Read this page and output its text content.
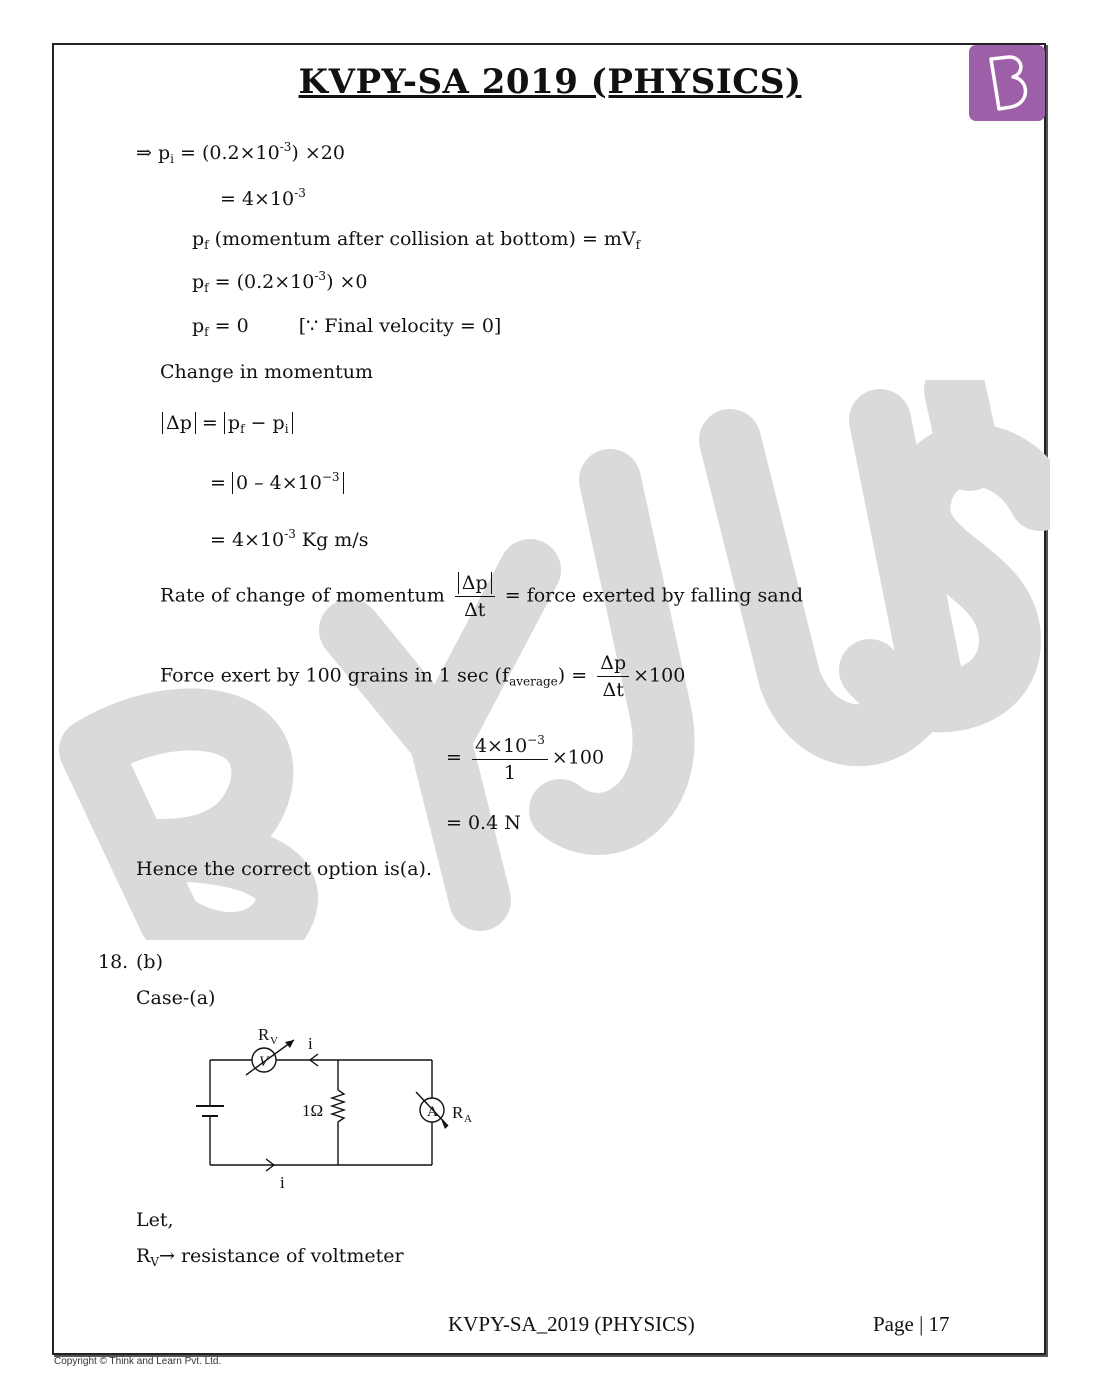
KVPY-SA 2019 (PHYSICS)
⇒ $p_i = (0.2\times 10^{-3}) \times 20$
= $4\times 10^{-3}$
$p_f$ (momentum after collision at bottom) = $mV_f$
$p_f = (0.2\times 10^{-3}) \times 0$
$p_f = 0$	[∵ Final velocity = 0]
Change in momentum
$\Delta p = p_f - p_i$
= $0 - 4\times 10^{-3}$
= $4\times 10^{-3}$ Kg m/s
Rate of change of momentum $\frac{\Delta p}{\Delta t}$ = force exerted by falling sand
Force exert by 100 grains in 1 $\sec (f_{average}) = \frac{\Delta p}{\Delta t} \times 100$
= $\frac{4\times 10^{-3}}{1} \times 100$
= 0.4 N
Hence the correct option is(a).
18. (b)
Case-(a)
V
A
R V
R A
1Ω
i
i
Let,
$R_V\to$ resistance of voltmeter
KVPY-SA_2019 (PHYSICS)	Page | 17
Copyright © Think and Learn Pvt. Ltd.
